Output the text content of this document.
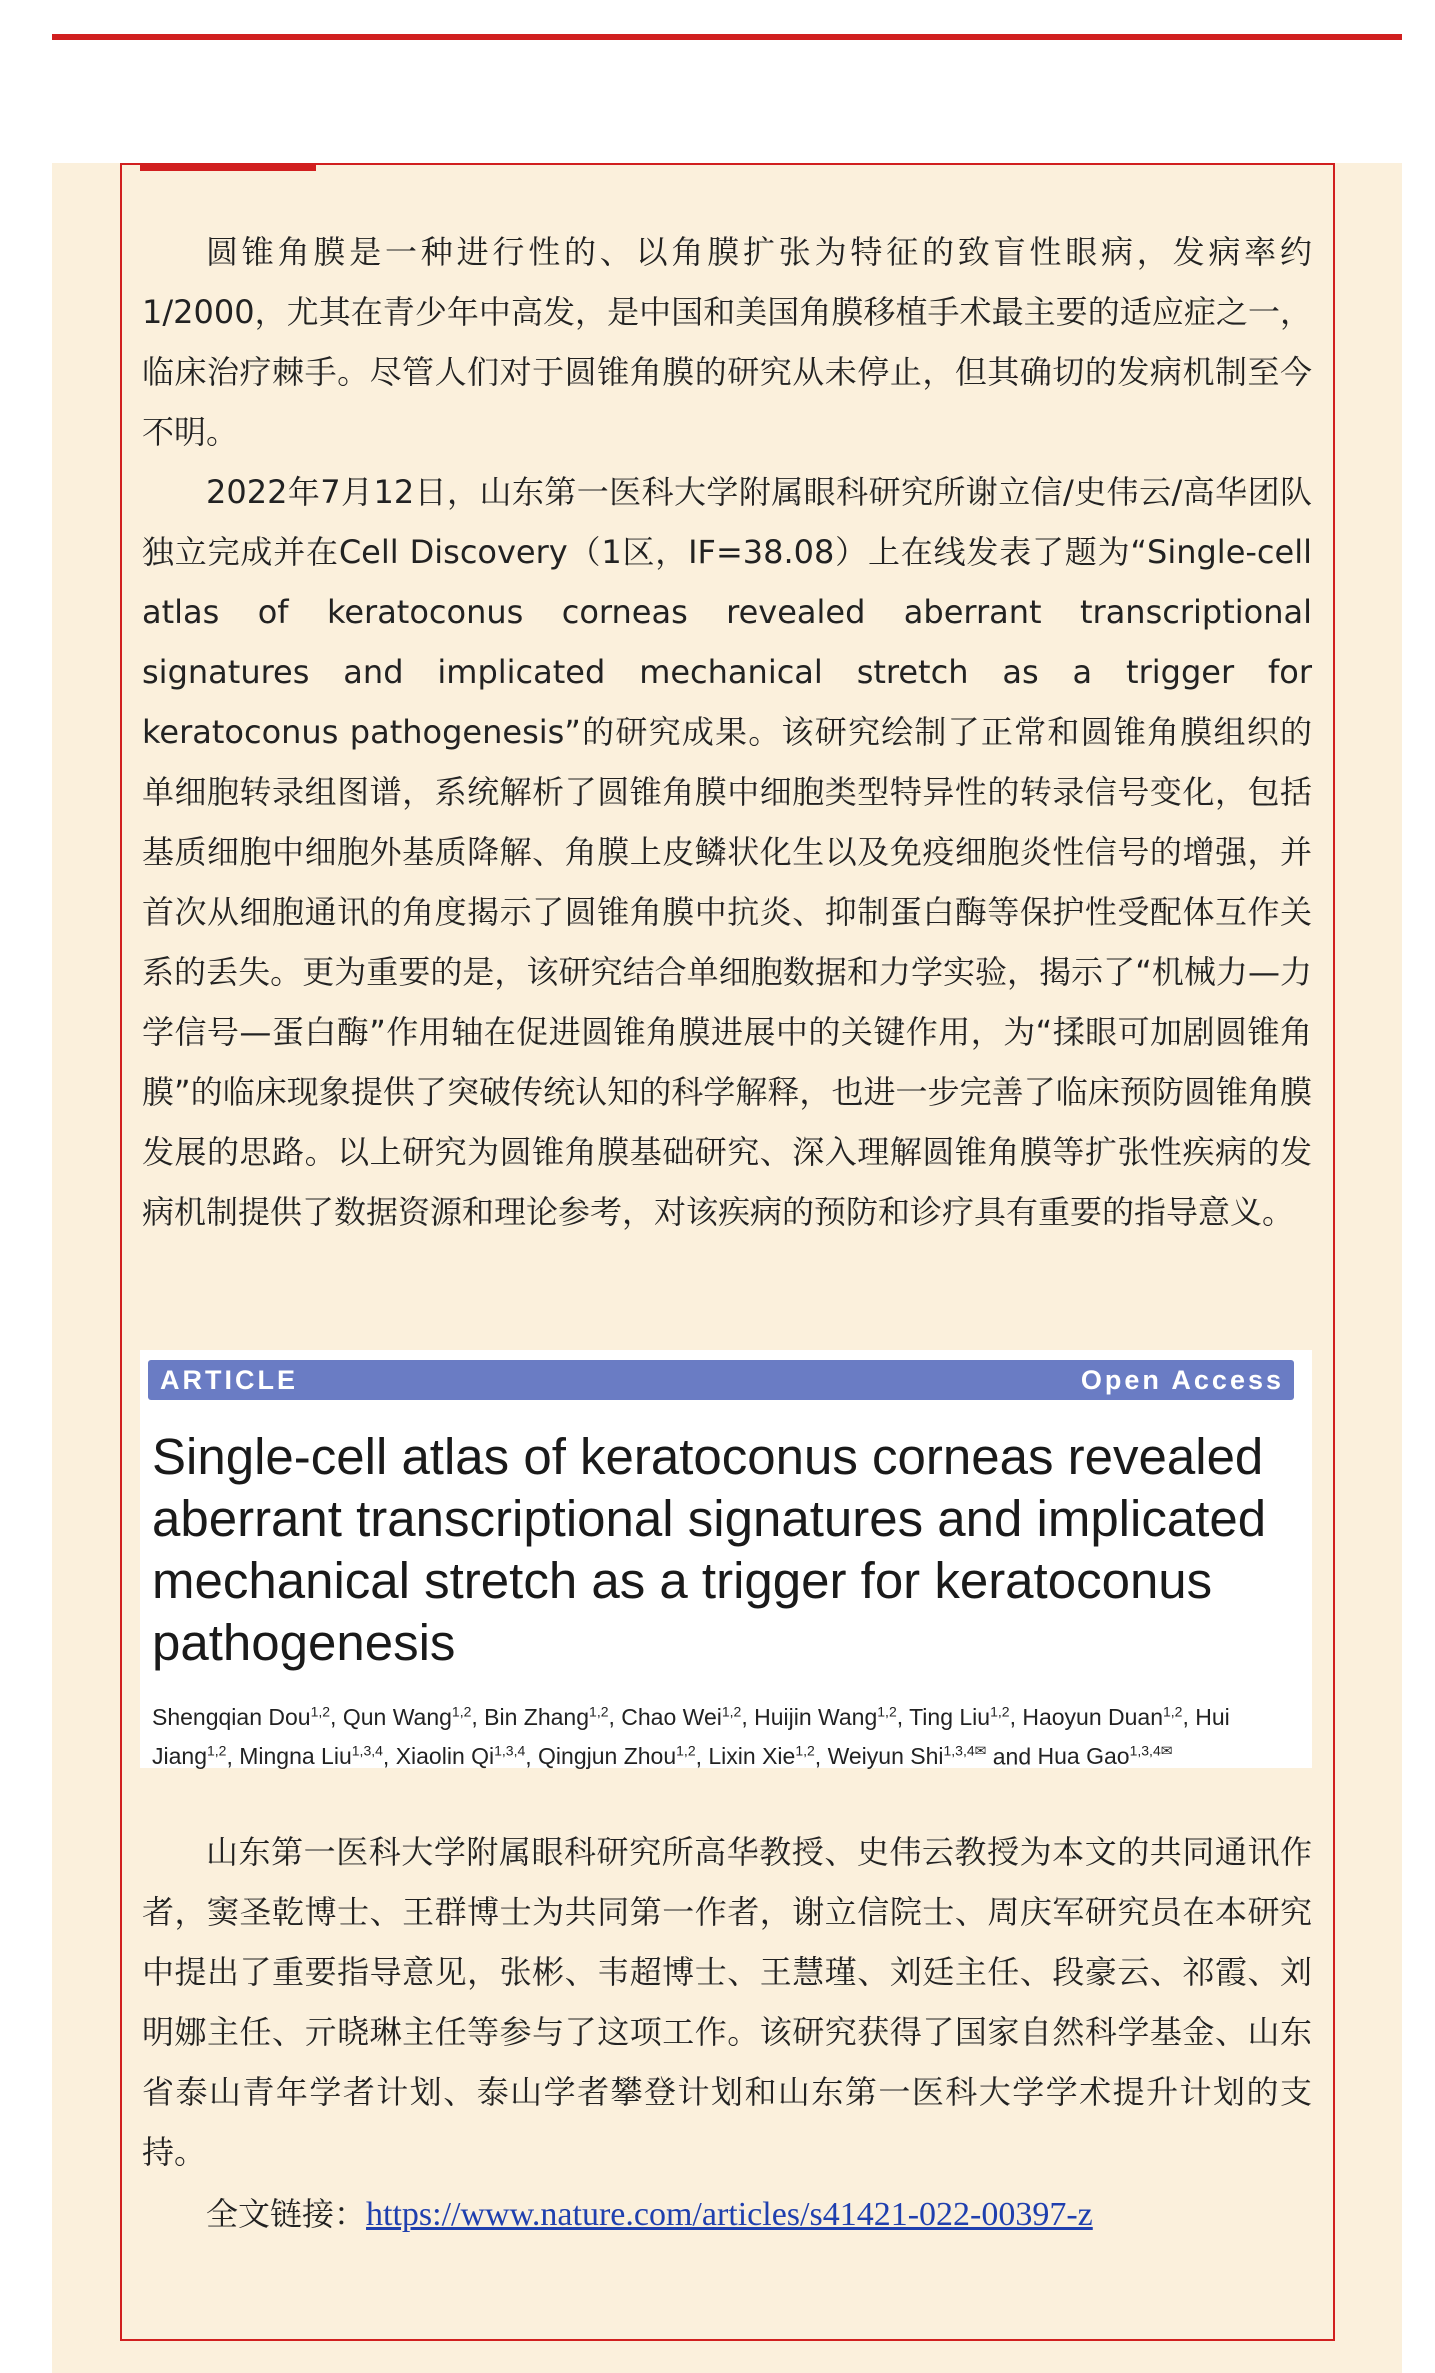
圆锥角膜是一种进行性的、以角膜扩张为特征的致盲性眼病，发病率约1/2000，尤其在青少年中高发，是中国和美国角膜移植手术最主要的适应症之一，临床治疗棘手。尽管人们对于圆锥角膜的研究从未停止，但其确切的发病机制至今不明。

2022年7月12日，山东第一医科大学附属眼科研究所谢立信/史伟云/高华团队独立完成并在Cell Discovery（1区，IF=38.08）上在线发表了题为“Single-cell atlas of keratoconus corneas revealed aberrant transcriptional signatures and implicated mechanical stretch as a trigger for keratoconus pathogenesis”的研究成果。该研究绘制了正常和圆锥角膜组织的单细胞转录组图谱，系统解析了圆锥角膜中细胞类型特异性的转录信号变化，包括基质细胞中细胞外基质降解、角膜上皮鳞状化生以及免疫细胞炎性信号的增强，并首次从细胞通讯的角度揭示了圆锥角膜中抗炎、抑制蛋白酶等保护性受配体互作关系的丢失。更为重要的是，该研究结合单细胞数据和力学实验，揭示了“机械力—力学信号—蛋白酶”作用轴在促进圆锥角膜进展中的关键作用，为“揉眼可加剧圆锥角膜”的临床现象提供了突破传统认知的科学解释，也进一步完善了临床预防圆锥角膜发展的思路。以上研究为圆锥角膜基础研究、深入理解圆锥角膜等扩张性疾病的发病机制提供了数据资源和理论参考，对该疾病的预防和诊疗具有重要的指导意义。

ARTICLE	Open Access
Single-cell atlas of keratoconus corneas revealed aberrant transcriptional signatures and implicated mechanical stretch as a trigger for keratoconus pathogenesis
Shengqian Dou$^{1,2}$, Qun Wang$^{1,2}$, Bin Zhang$^{1,2}$, Chao Wei$^{1,2}$, Huijin Wang$^{1,2}$, Ting Liu$^{1,2}$, Haoyun Duan$^{1,2}$, Hui Jiang$^{1,2}$, Mingna Liu$^{1,3,4}$, Xiaolin Qi$^{1,3,4}$, Qingjun Zhou$^{1,2}$, Lixin Xie$^{1,2}$, Weiyun Shi$^{1,3,4✉}$ and Hua Gao$^{1,3,4✉}$

山东第一医科大学附属眼科研究所高华教授、史伟云教授为本文的共同通讯作者，窦圣乾博士、王群博士为共同第一作者，谢立信院士、周庆军研究员在本研究中提出了重要指导意见，张彬、韦超博士、王慧瑾、刘廷主任、段豪云、祁霞、刘明娜主任、亓晓琳主任等参与了这项工作。该研究获得了国家自然科学基金、山东省泰山青年学者计划、泰山学者攀登计划和山东第一医科大学学术提升计划的支持。

全文链接：https://www.nature.com/articles/s41421-022-00397-z
